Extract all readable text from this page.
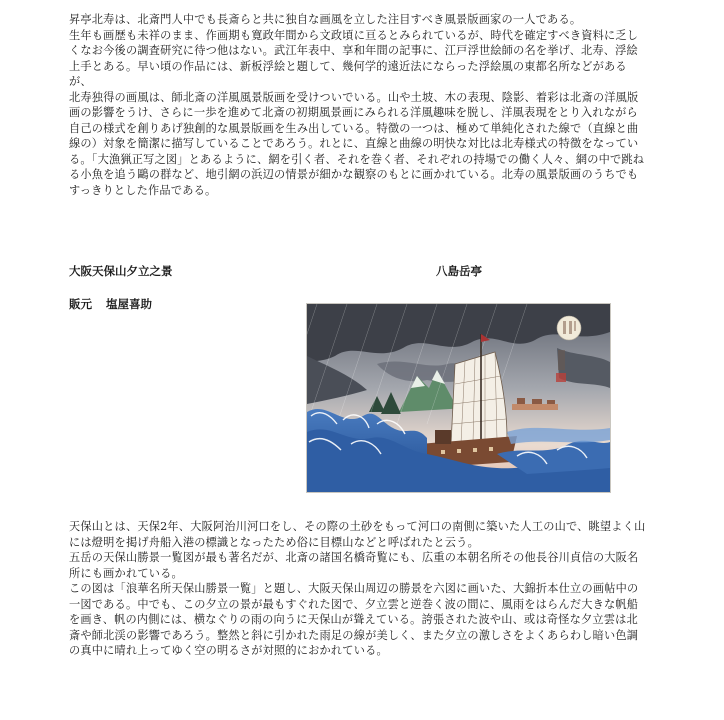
昇亭北寿は、北斎門人中でも長斎らと共に独自な画風を立した注目すべき風景版画家の一人である。
生年も画歴も未祥のまま、作画期も寛政年間から文政頃に亘るとみられているが、時代を確定すべき資料に乏しくなお今後の調査研究に待つ他はない。武江年表中、享和年間の記事に、江戸浮世絵師の名を挙げ、北寿、浮絵上手とある。早い頃の作品には、新板浮絵と題して、幾何学的遠近法にならった浮絵風の東都名所などがあるが、
北寿独得の画風は、師北斎の洋風風景版画を受けついでいる。山や土坡、木の表現、陰影、着彩は北斎の洋風版画の影響をうけ、さらに一歩を進めて北斎の初期風景画にみられる洋風趣味を脱し、洋風表現をとり入れながら自己の様式を創りあげ独創的な風景版画を生み出している。特徴の一つは、極めて単純化された線で（直線と曲線の）対象を簡潔に描写していることであろう。れとに、直線と曲線の明快な対比は北寿様式の特徴をなっている。「大漁猟正写之図」とあるように、網を引く者、それを巻く者、それぞれの持場での働く人々、網の中で跳ねる小魚を追う鷗の群など、地引網の浜辺の情景が細かな観察のもとに画かれている。北寿の風景版画のうちでもすっきりとした作品である。

大阪天保山夕立之景	八島岳亭

販元 塩屋喜助

天保山とは、天保2年、大阪阿治川河口をし、その際の土砂をもって河口の南側に築いた人工の山で、眺望よく山には燈明を掲げ舟船入港の標識となったため俗に目標山などと呼ばれたと云う。
五岳の天保山勝景一覧図が最も著名だが、北斎の諸国名橋奇覧にも、広重の本朝名所その他長谷川貞信の大阪名所にも画かれている。
この図は「浪華名所天保山勝景一覧」と題し、大阪天保山周辺の勝景を六図に画いた、大錦折本仕立の画帖中の一図である。中でも、この夕立の景が最もすぐれた図で、夕立雲と逆巻く波の間に、風雨をはらんだ大きな帆船を画き、帆の内側には、横なぐりの雨の向うに天保山が聳えている。誇張された波や山、或は奇怪な夕立雲は北斎や師北渓の影響であろう。整然と斜に引かれた雨足の線が美しく、また夕立の激しさをよくあらわし暗い色調の真中に晴れ上ってゆく空の明るさが対照的におかれている。
